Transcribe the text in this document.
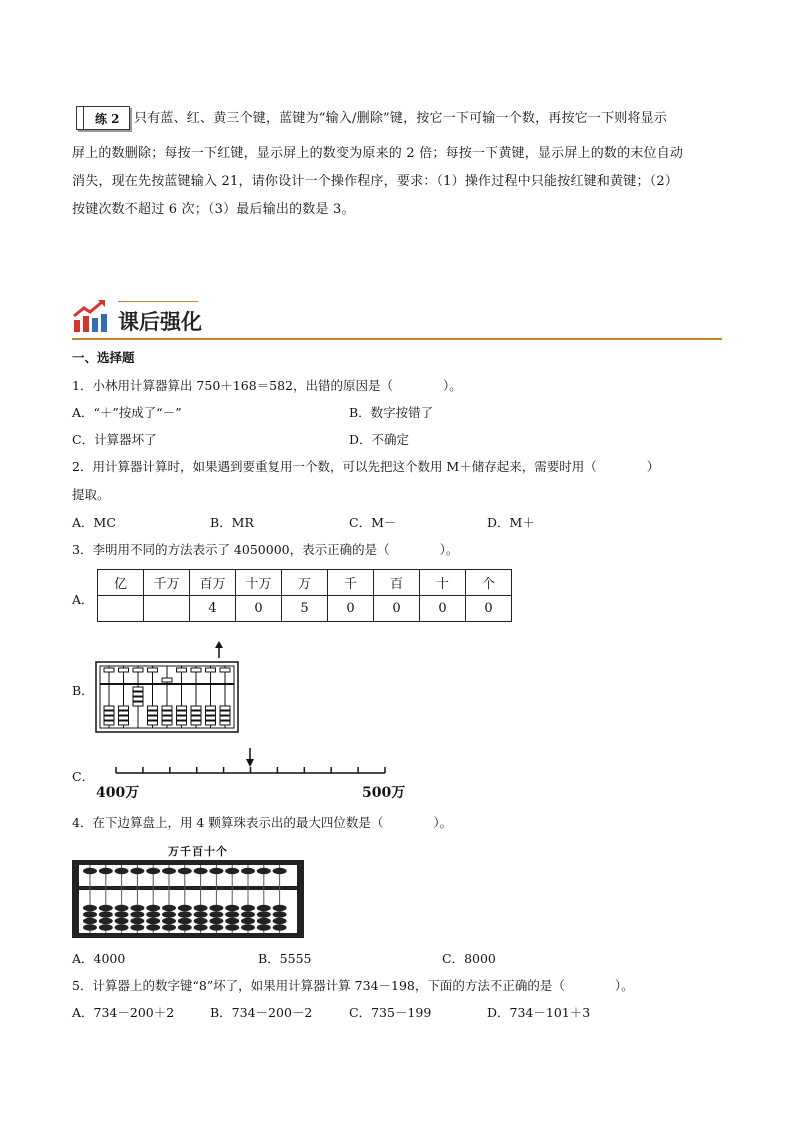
练 2 只有蓝、红、黄三个键，蓝键为“输入/删除”键，按它一下可输一个数，再按它一下则将显示
屏上的数删除；每按一下红键，显示屏上的数变为原来的 2 倍；每按一下黄键，显示屏上的数的末位自动
消失，现在先按蓝键输入 21，请你设计一个操作程序，要求：（1）操作过程中只能按红键和黄键；（2）
按键次数不超过 6 次；（3）最后输出的数是 3。
课后强化
一、选择题
1．小林用计算器算出 750＋168＝582，出错的原因是（　　　　）。
A．“＋”按成了“－”	B．数字按错了
C．计算器坏了	D．不确定
2．用计算器计算时，如果遇到要重复用一个数，可以先把这个数用 M＋储存起来，需要时用（　　　　）
提取。
A．MC	B．MR	C．M－	D．M＋
3．李明用不同的方法表示了 4050000，表示正确的是（　　　　）。
A．
亿	千万	百万	十万	万	千	百	十	个
		4	0	5	0	0	0	0
B．
C．
400万	500万
4．在下边算盘上，用 4 颗算珠表示出的最大四位数是（　　　　）。
万千百十个
A．4000	B．5555	C．8000
5．计算器上的数字键“8”坏了，如果用计算器计算 734－198，下面的方法不正确的是（　　　　）。
A．734－200＋2	B．734－200－2	C．735－199	D．734－101＋3
